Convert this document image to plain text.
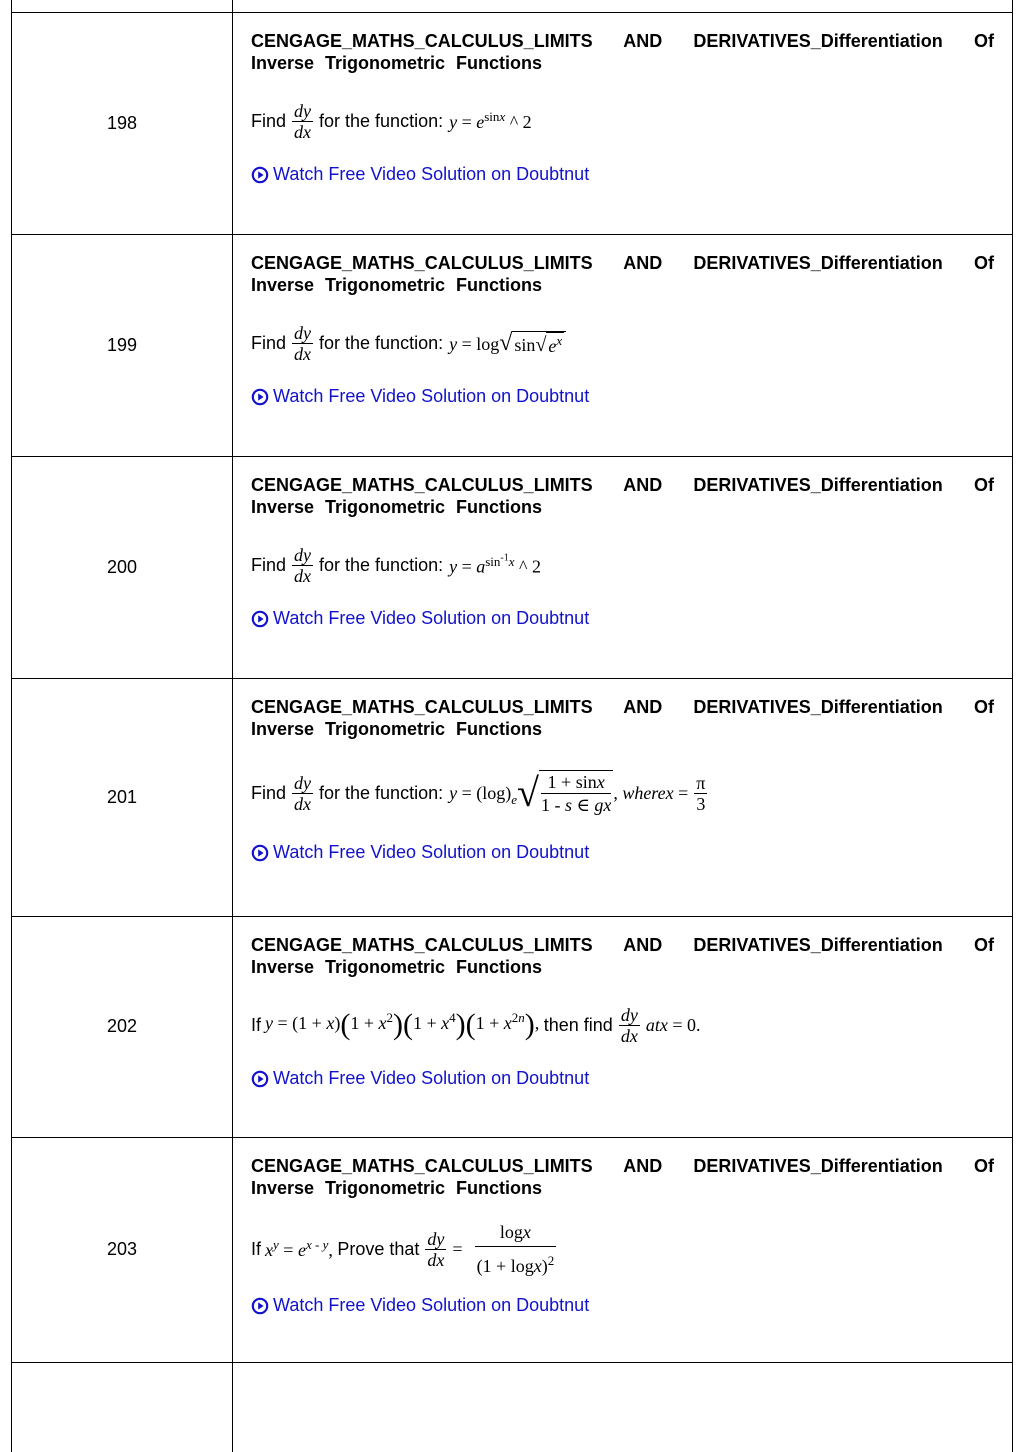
198
CENGAGE_MATHS_CALCULUS_LIMITS AND DERIVATIVES_Differentiation Of Inverse Trigonometric Functions
Find $\frac{dy}{dx}$ for the function: $y = e^{sinx}$ ^ 2
Watch Free Video Solution on Doubtnut
199
CENGAGE_MATHS_CALCULUS_LIMITS AND DERIVATIVES_Differentiation Of Inverse Trigonometric Functions
Find $\frac{dy}{dx}$ for the function: y = log √ sin √ $e^x$
Watch Free Video Solution on Doubtnut
200
CENGAGE_MATHS_CALCULUS_LIMITS AND DERIVATIVES_Differentiation Of Inverse Trigonometric Functions
Find $\frac{dy}{dx}$ for the function: $y = a^{sin^{-1}x}$ ^ 2
Watch Free Video Solution on Doubtnut
201
CENGAGE_MATHS_CALCULUS_LIMITS AND DERIVATIVES_Differentiation Of Inverse Trigonometric Functions
Find $\frac{dy}{dx}$ for the function: $y = (\log)_e$ √ 1 + sinx
1 - s ∈ gx
, wherex = $\frac{\pi}{3}$
Watch Free Video Solution on Doubtnut
202
CENGAGE_MATHS_CALCULUS_LIMITS AND DERIVATIVES_Differentiation Of Inverse Trigonometric Functions
If $y = (1 + x)(1 + x^2)(1 + x^4)(1 + x^{2n})$, then find $\frac{dy}{dx}$ atx = 0.
Watch Free Video Solution on Doubtnut
203
CENGAGE_MATHS_CALCULUS_LIMITS AND DERIVATIVES_Differentiation Of Inverse Trigonometric Functions
If $x^y = e^{x - y}$, Prove that $\frac{dy}{dx} = \frac{\log x}{(1 + \log x)^2}$
Watch Free Video Solution on Doubtnut
